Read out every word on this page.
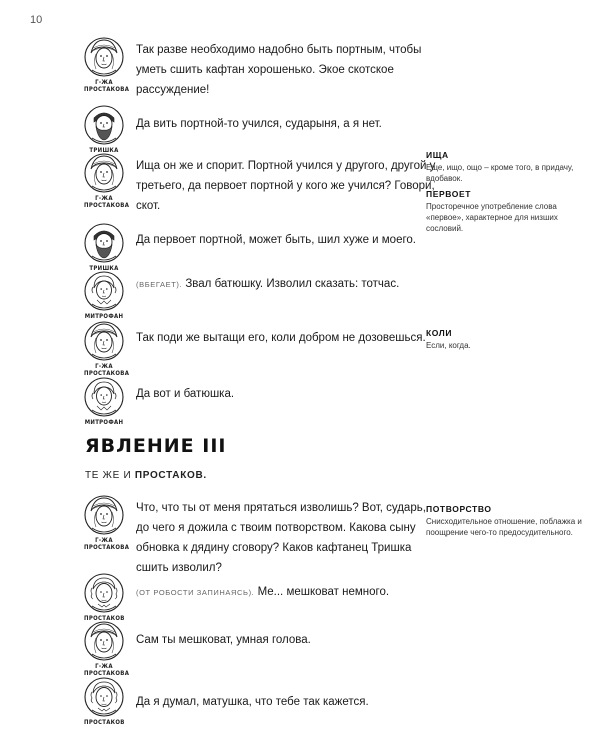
10
Г-ЖА ПРОСТАКОВА
Так разве необходимо надобно быть портным, чтобы уметь сшить кафтан хорошенько. Экое скотское рассуждение!
ТРИШКА
Да вить портной-то учился, сударыня, а я нет.
Г-ЖА ПРОСТАКОВА
Ища он же и спорит. Портной учился у другого, другой у третьего, да первоет портной у кого же учился? Говори, скот.
ТРИШКА
Да первоет портной, может быть, шил хуже и моего.
МИТРОФАН
(ВБЕГАЕТ). Звал батюшку. Изволил сказать: тотчас.
Г-ЖА ПРОСТАКОВА
Так поди же вытащи его, коли добром не дозовешься.
МИТРОФАН
Да вот и батюшка.
ЯВЛЕНИЕ III

ТЕ ЖЕ И ПРОСТАКОВ.

Г-ЖА ПРОСТАКОВА
Что, что ты от меня прятаться изволишь? Вот, сударь, до чего я дожила с твоим потворством. Какова сыну обновка к дядину сговору? Каков кафтанец Тришка сшить изволил?
ПРОСТАКОВ
(ОТ РОБОСТИ ЗАПИНАЯСЬ). Ме... мешковат немного.
Г-ЖА ПРОСТАКОВА
Сам ты мешковат, умная голова.
ПРОСТАКОВ
Да я думал, матушка, что тебе так кажется.

ИЩА

Еще, ищо, ощо – кроме того, в придачу, вдобавок.

ПЕРВОЕТ

Просторечное употребление слова «первое», характерное для низших сословий.

КОЛИ

Если, когда.

ПОТВОРСТВО

Снисходительное отношение, поблажка и поощрение чего-то предосудительного.
